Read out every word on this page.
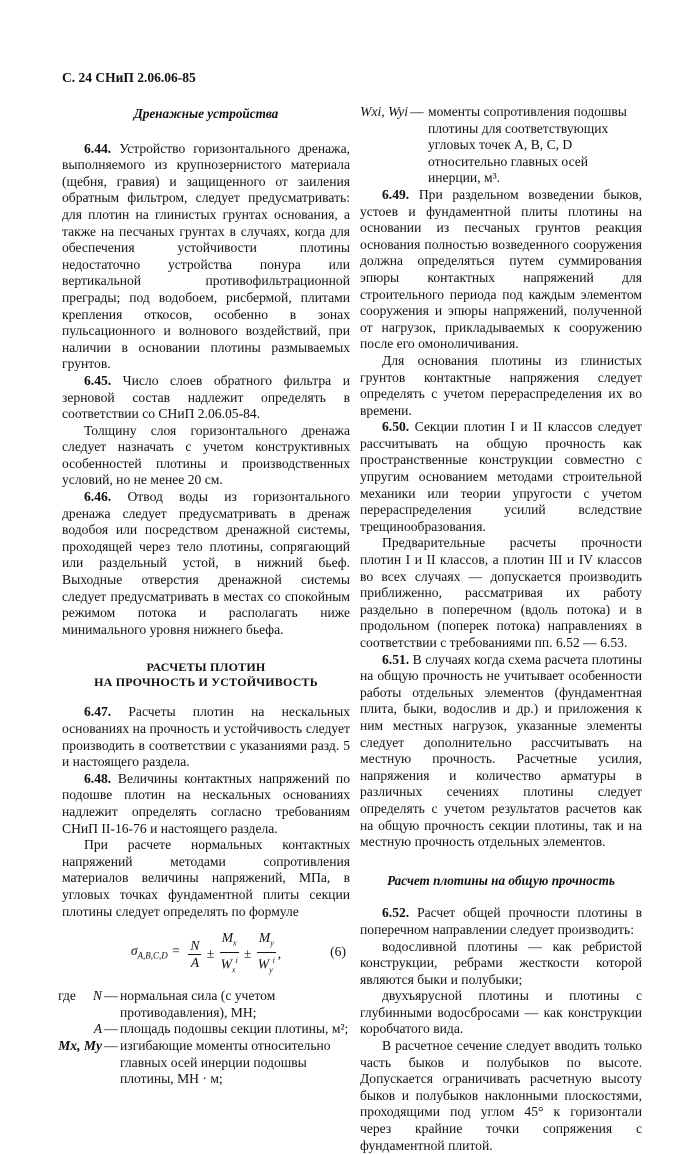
С. 24 СНиП 2.06.06-85
Дренажные устройства

6.44. Устройство горизонтального дренажа, выполняемого из крупнозернистого материала (щебня, гравия) и защищенного от заиления обратным фильтром, следует предусматривать: для плотин на глинистых грунтах основания, а также на песчаных грунтах в случаях, когда для обеспечения устойчивости плотины недостаточно устройства понура или вертикальной противофильтрационной преграды; под водобоем, рисбермой, плитами крепления откосов, особенно в зонах пульсационного и волнового воздействий, при наличии в основании плотины размываемых грунтов.

6.45. Число слоев обратного фильтра и зерновой состав надлежит определять в соответствии со СНиП 2.06.05-84.

Толщину слоя горизонтального дренажа следует назначать с учетом конструктивных особенностей плотины и производственных условий, но не менее 20 см.

6.46. Отвод воды из горизонтального дренажа следует предусматривать в дренаж водобоя или посредством дренажной системы, проходящей через тело плотины, сопрягающий или раздельный устой, в нижний бьеф. Выходные отверстия дренажной системы следует предусматривать в местах со спокойным режимом потока и располагать ниже минимального уровня нижнего бьефа.

РАСЧЕТЫ ПЛОТИН
НА ПРОЧНОСТЬ И УСТОЙЧИВОСТЬ

6.47. Расчеты плотин на нескальных основаниях на прочность и устойчивость следует производить в соответствии с указаниями разд. 5 и настоящего раздела.

6.48. Величины контактных напряжений по подошве плотин на нескальных основаниях надлежит определять согласно требованиям СНиП II-16-76 и настоящего раздела.

При расчете нормальных контактных напряжений методами сопротивления материалов величины напряжений, МПа, в угловых точках фундаментной плиты секции плотины следует определять по формуле

$\sigma_{A,B,C,D} = \frac{N}{A} \pm \frac{M_x}{W_x^i} \pm \frac{M_y}{W_y^i}$ ,	(6)
где N — нормальная сила (с учетом противодавления), МН;
A — площадь подошвы секции плотины, м²;
Mx, My — изгибающие моменты относительно главных осей инерции подошвы плотины, МН · м;
Wxi, Wyi — моменты сопротивления подошвы плотины для соответствующих угловых точек A, B, C, D относительно главных осей инерции, м³.

6.49. При раздельном возведении быков, устоев и фундаментной плиты плотины на основании из песчаных грунтов реакция основания полностью возведенного сооружения должна определяться путем суммирования эпюры контактных напряжений для строительного периода под каждым элементом сооружения и эпюры напряжений, полученной от нагрузок, прикладываемых к сооружению после его омоноличивания.

Для основания плотины из глинистых грунтов контактные напряжения следует определять с учетом перераспределения их во времени.

6.50. Секции плотин I и II классов следует рассчитывать на общую прочность как пространственные конструкции совместно с упругим основанием методами строительной механики или теории упругости с учетом перераспределения усилий вследствие трещинообразования.

Предварительные расчеты прочности плотин I и II классов, а плотин III и IV классов во всех случаях — допускается производить приближенно, рассматривая их работу раздельно в поперечном (вдоль потока) и в продольном (поперек потока) направлениях в соответствии с требованиями пп. 6.52 — 6.53.

6.51. В случаях когда схема расчета плотины на общую прочность не учитывает особенности работы отдельных элементов (фундаментная плита, быки, водослив и др.) и приложения к ним местных нагрузок, указанные элементы следует дополнительно рассчитывать на местную прочность. Расчетные усилия, напряжения и количество арматуры в различных сечениях плотины следует определять с учетом результатов расчетов как на общую прочность секции плотины, так и на местную прочность отдельных элементов.

Расчет плотины на общую прочность

6.52. Расчет общей прочности плотины в поперечном направлении следует производить:

водосливной плотины — как ребристой конструкции, ребрами жесткости которой являются быки и полубыки;

двухъярусной плотины и плотины с глубинными водосбросами — как конструкции коробчатого вида.

В расчетное сечение следует вводить только часть быков и полубыков по высоте. Допускается ограничивать расчетную высоту быков и полубыков наклонными плоскостями, проходящими под углом 45° к горизонтали через крайние точки сопряжения с фундаментной плитой.
